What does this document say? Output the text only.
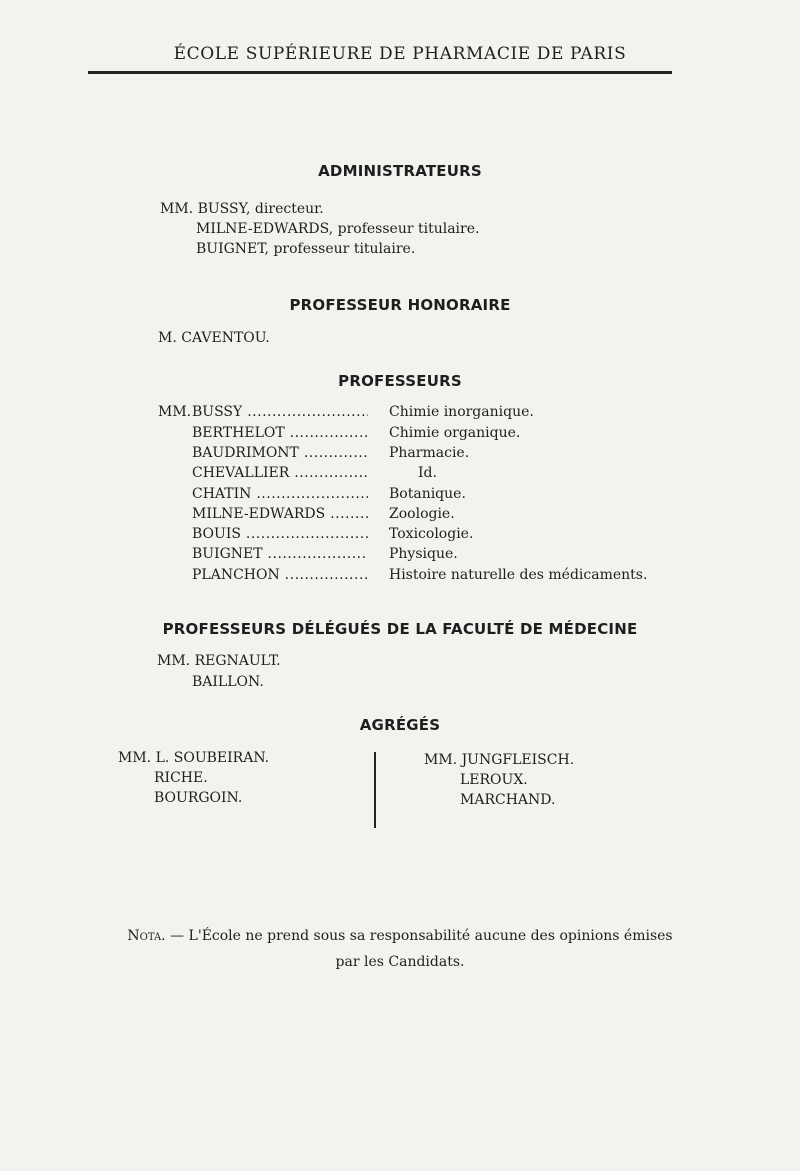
ÉCOLE SUPÉRIEURE DE PHARMACIE DE PARIS
ADMINISTRATEURS
MM. BUSSY, directeur.
MILNE-EDWARDS, professeur titulaire.
BUIGNET, professeur titulaire.
PROFESSEUR HONORAIRE
M. CAVENTOU.
PROFESSEURS
MM. BUSSY .....	Chimie inorganique.
BERTHELOT .....	Chimie organique.
BAUDRIMONT .....	Pharmacie.
CHEVALLIER .....	Id.
CHATIN .....	Botanique.
MILNE-EDWARDS .....	Zoologie.
BOUIS .....	Toxicologie.
BUIGNET .....	Physique.
PLANCHON .....	Histoire naturelle des médicaments.
PROFESSEURS DÉLÉGUÉS DE LA FACULTÉ DE MÉDECINE
MM. REGNAULT.
BAILLON.
AGRÉGÉS
MM. L. SOUBEIRAN.
RICHE.
BOURGOIN.
MM. JUNGFLEISCH.
LEROUX.
MARCHAND.
Nota. — L'École ne prend sous sa responsabilité aucune des opinions émises
par les Candidats.
